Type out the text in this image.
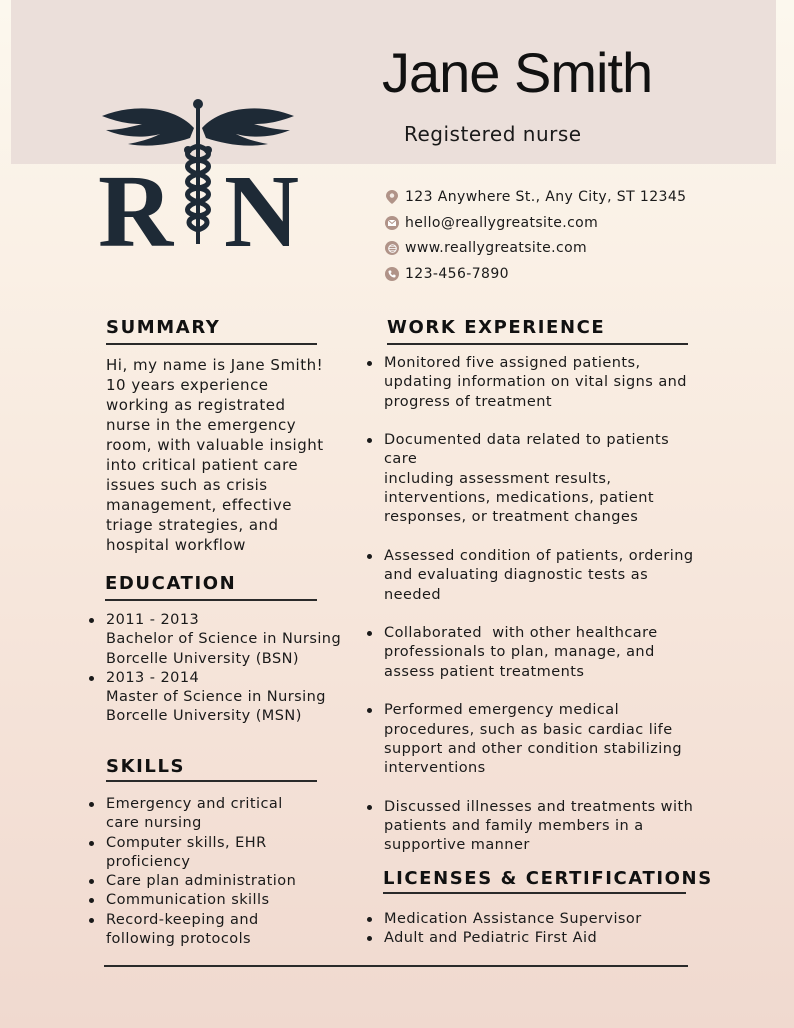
Jane Smith
Registered nurse
R N	123 Anywhere St., Any City, ST 12345
hello@reallygreatsite.com
www.reallygreatsite.com
123-456-7890
SUMMARY
Hi, my name is Jane Smith!
10 years experience
working as registrated
nurse in the emergency
room, with valuable insight
into critical patient care
issues such as crisis
management, effective
triage strategies, and
hospital workflow
EDUCATION
2011 - 2013
Bachelor of Science in Nursing
Borcelle University (BSN)
2013 - 2014
Master of Science in Nursing
Borcelle University (MSN)
SKILLS
Emergency and critical
care nursing
Computer skills, EHR
proficiency
Care plan administration
Communication skills
Record-keeping and
following protocols
WORK EXPERIENCE
Monitored five assigned patients,
updating information on vital signs and
progress of treatment
Documented data related to patients care
including assessment results,
interventions, medications, patient
responses, or treatment changes
Assessed condition of patients, ordering
and evaluating diagnostic tests as
needed
Collaborated  with other healthcare
professionals to plan, manage, and
assess patient treatments
Performed emergency medical
procedures, such as basic cardiac life
support and other condition stabilizing
interventions
Discussed illnesses and treatments with
patients and family members in a
supportive manner
LICENSES & CERTIFICATIONS
Medication Assistance Supervisor
Adult and Pediatric First Aid
